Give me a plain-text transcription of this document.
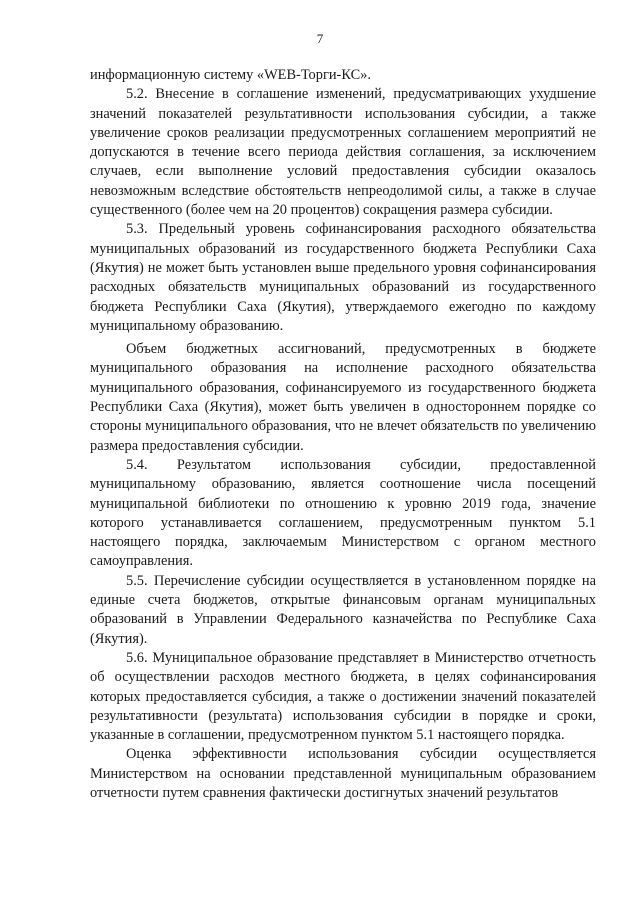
7

информационную систему «WEB-Торги-КС».

5.2. Внесение в соглашение изменений, предусматривающих ухудшение значений показателей результативности использования субсидии, а также увеличение сроков реализации предусмотренных соглашением мероприятий не допускаются в течение всего периода действия соглашения, за исключением случаев, если выполнение условий предоставления субсидии оказалось невозможным вследствие обстоятельств непреодолимой силы, а также в случае существенного (более чем на 20 процентов) сокращения размера субсидии.

5.3. Предельный уровень софинансирования расходного обязательства муниципальных образований из государственного бюджета Республики Саха (Якутия) не может быть установлен выше предельного уровня софинансирования расходных обязательств муниципальных образований из государственного бюджета Республики Саха (Якутия), утверждаемого ежегодно по каждому муниципальному образованию.

Объем бюджетных ассигнований, предусмотренных в бюджете муниципального образования на исполнение расходного обязательства муниципального образования, софинансируемого из государственного бюджета Республики Саха (Якутия), может быть увеличен в одностороннем порядке со стороны муниципального образования, что не влечет обязательств по увеличению размера предоставления субсидии.

5.4. Результатом использования субсидии, предоставленной муниципальному образованию, является соотношение числа посещений муниципальной библиотеки по отношению к уровню 2019 года, значение которого устанавливается соглашением, предусмотренным пунктом 5.1 настоящего порядка, заключаемым Министерством с органом местного самоуправления.

5.5. Перечисление субсидии осуществляется в установленном порядке на единые счета бюджетов, открытые финансовым органам муниципальных образований в Управлении Федерального казначейства по Республике Саха (Якутия).

5.6. Муниципальное образование представляет в Министерство отчетность об осуществлении расходов местного бюджета, в целях софинансирования которых предоставляется субсидия, а также о достижении значений показателей результативности (результата) использования субсидии в порядке и сроки, указанные в соглашении, предусмотренном пунктом 5.1 настоящего порядка.

Оценка эффективности использования субсидии осуществляется Министерством на основании представленной муниципальным образованием отчетности путем сравнения фактически достигнутых значений результатов
